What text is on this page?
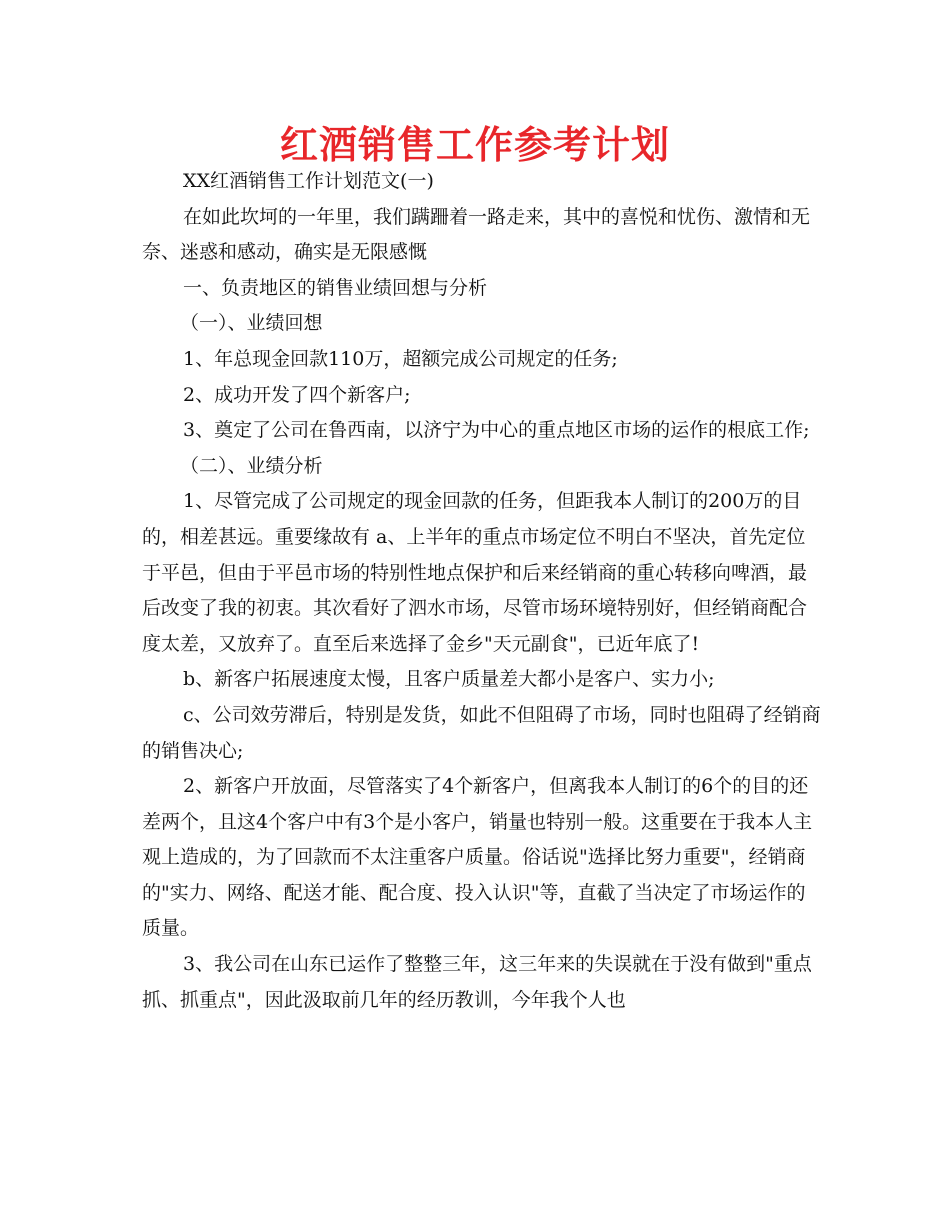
红酒销售工作参考计划

XX红酒销售工作计划范文(一)

在如此坎坷的一年里，我们蹒跚着一路走来，其中的喜悦和忧伤、激情和无奈、迷惑和感动，确实是无限感慨

一、负责地区的销售业绩回想与分析

（一）、业绩回想

1、年总现金回款110万，超额完成公司规定的任务;

2、成功开发了四个新客户;

3、奠定了公司在鲁西南，以济宁为中心的重点地区市场的运作的根底工作;

（二）、业绩分析

1、尽管完成了公司规定的现金回款的任务，但距我本人制订的200万的目的，相差甚远。重要缘故有 a、上半年的重点市场定位不明白不坚决，首先定位于平邑，但由于平邑市场的特别性地点保护和后来经销商的重心转移向啤酒，最后改变了我的初衷。其次看好了泗水市场，尽管市场环境特别好，但经销商配合度太差，又放弃了。直至后来选择了金乡"天元副食"，已近年底了!

b、新客户拓展速度太慢，且客户质量差大都小是客户、实力小;

c、公司效劳滞后，特别是发货，如此不但阻碍了市场，同时也阻碍了经销商的销售决心;

2、新客户开放面，尽管落实了4个新客户，但离我本人制订的6个的目的还差两个，且这4个客户中有3个是小客户，销量也特别一般。这重要在于我本人主观上造成的，为了回款而不太注重客户质量。俗话说"选择比努力重要"，经销商的"实力、网络、配送才能、配合度、投入认识"等，直截了当决定了市场运作的质量。

3、我公司在山东已运作了整整三年，这三年来的失误就在于没有做到"重点抓、抓重点"，因此汲取前几年的经历教训，今年我个人也
